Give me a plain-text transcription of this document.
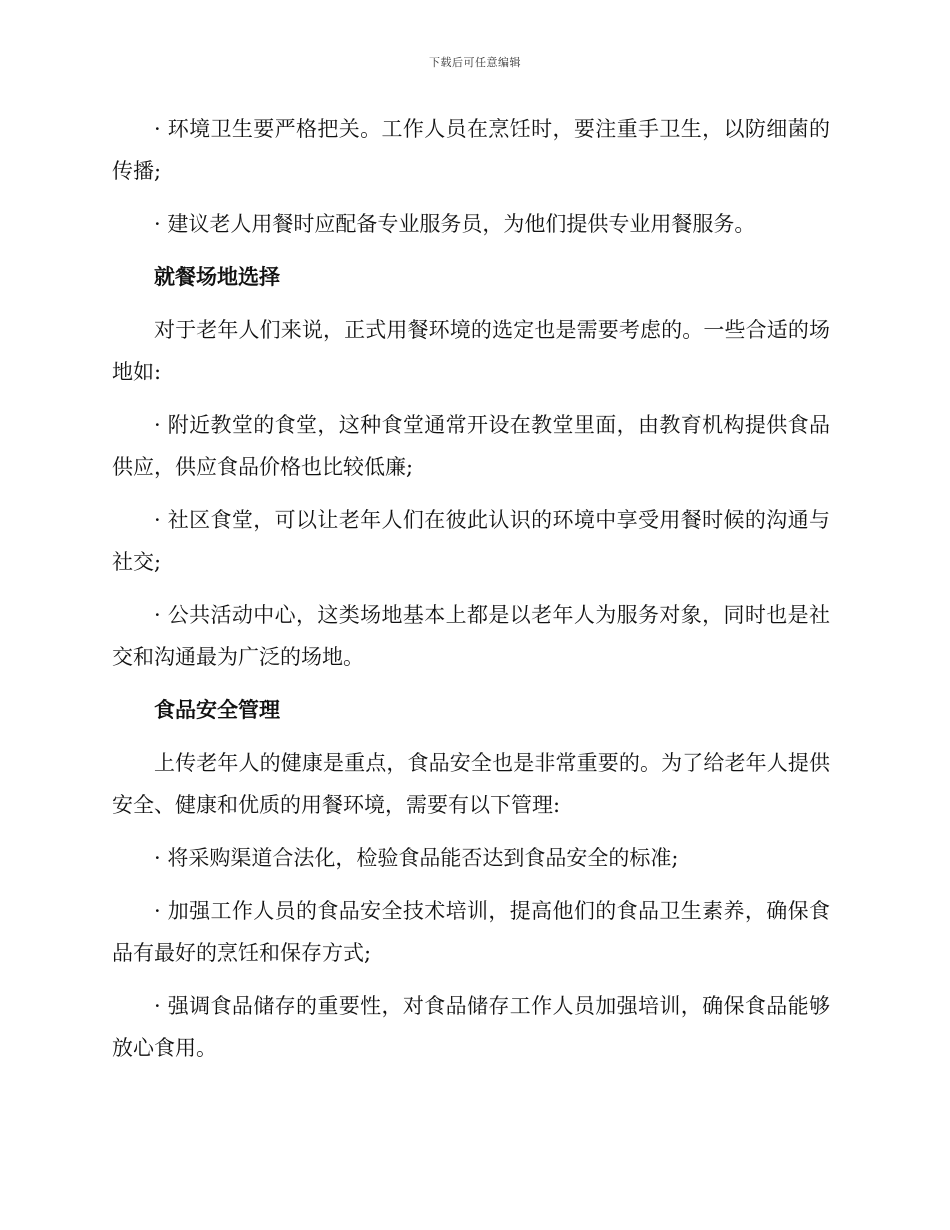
下载后可任意编辑

· 环境卫生要严格把关。工作人员在烹饪时，要注重手卫生，以防细菌的传播;

· 建议老人用餐时应配备专业服务员，为他们提供专业用餐服务。

就餐场地选择

对于老年人们来说，正式用餐环境的选定也是需要考虑的。一些合适的场地如:

· 附近教堂的食堂，这种食堂通常开设在教堂里面，由教育机构提供食品供应，供应食品价格也比较低廉;

· 社区食堂，可以让老年人们在彼此认识的环境中享受用餐时候的沟通与社交;

· 公共活动中心，这类场地基本上都是以老年人为服务对象，同时也是社交和沟通最为广泛的场地。

食品安全管理

上传老年人的健康是重点，食品安全也是非常重要的。为了给老年人提供安全、健康和优质的用餐环境，需要有以下管理:

· 将采购渠道合法化，检验食品能否达到食品安全的标准;

· 加强工作人员的食品安全技术培训，提高他们的食品卫生素养，确保食品有最好的烹饪和保存方式;

· 强调食品储存的重要性，对食品储存工作人员加强培训，确保食品能够放心食用。
